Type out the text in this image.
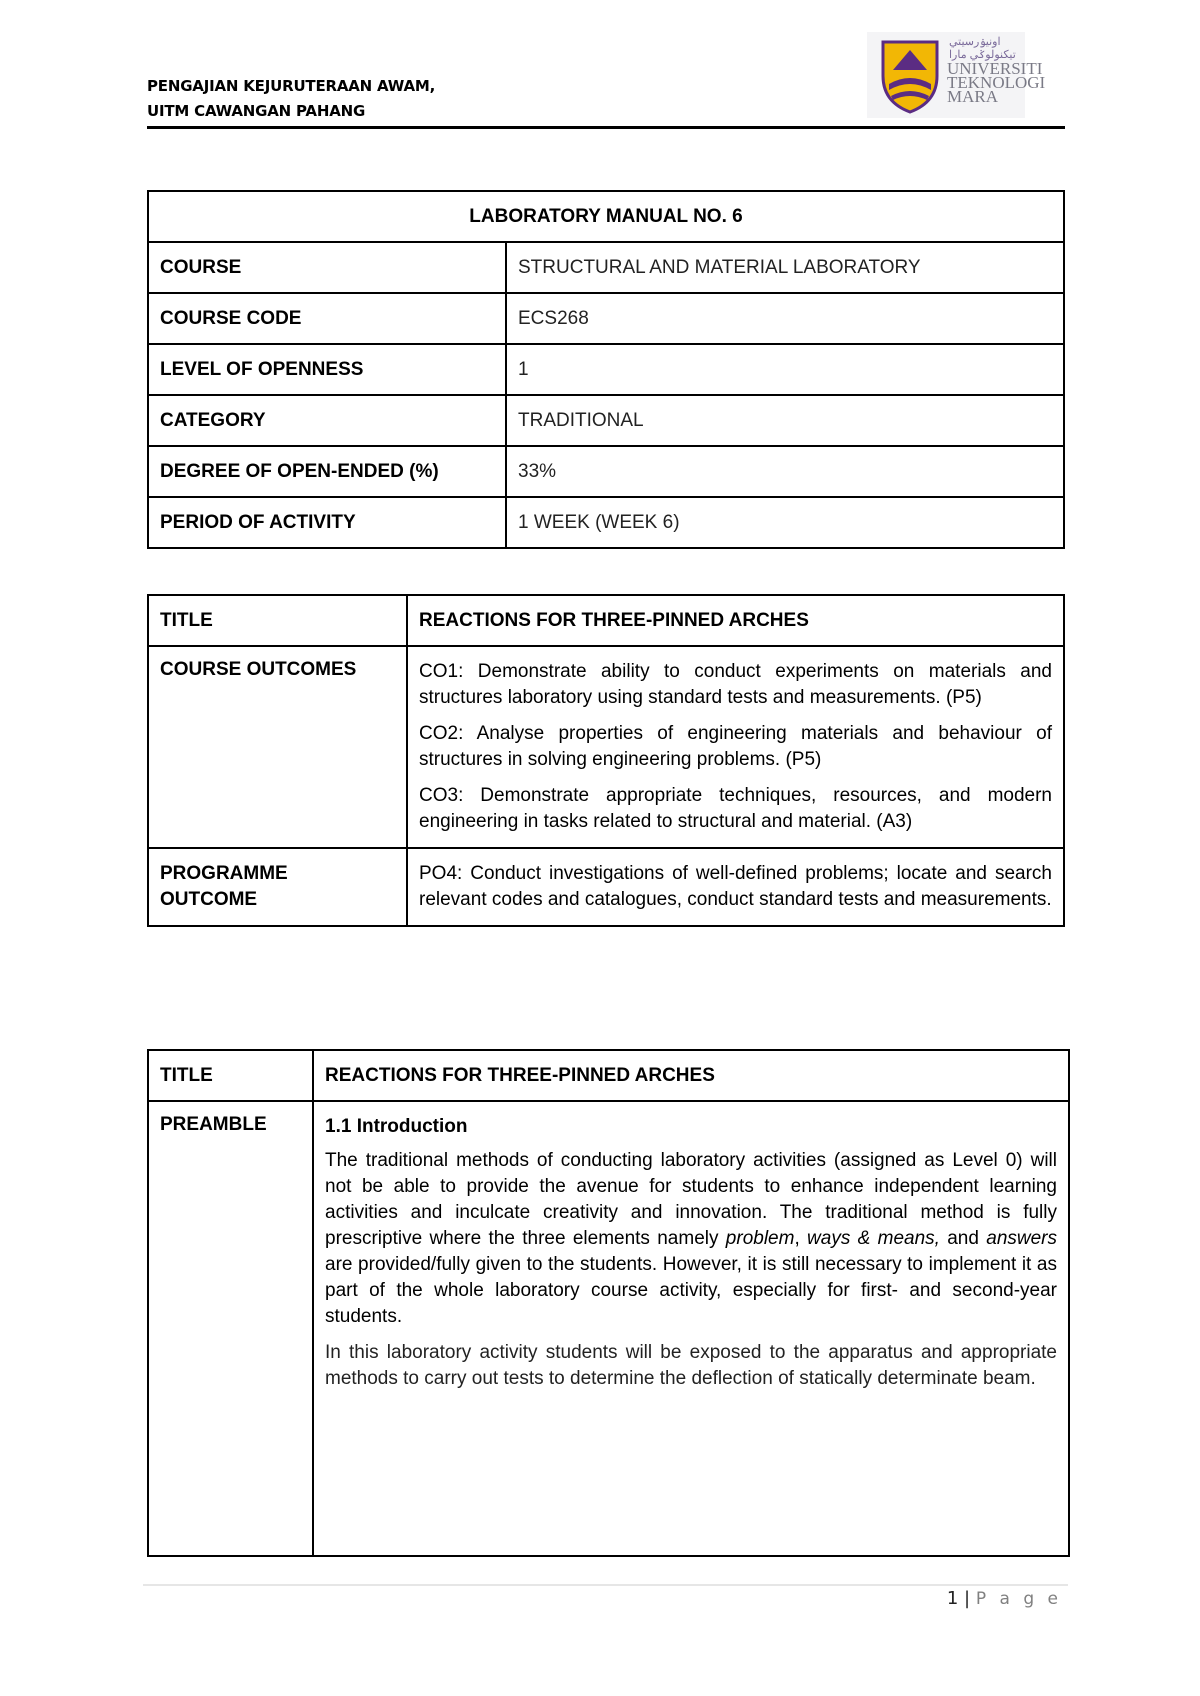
PENGAJIAN KEJURUTERAAN AWAM,
UITM CAWANGAN PAHANG
اونيۏرسيتي تيكنولوݢي مارا
UNIVERSITI
TEKNOLOGI
MARA
LABORATORY MANUAL NO. 6	
COURSE	STRUCTURAL AND MATERIAL LABORATORY
COURSE CODE	ECS268
LEVEL OF OPENNESS	1
CATEGORY	TRADITIONAL
DEGREE OF OPEN-ENDED (%)	33%
PERIOD OF ACTIVITY	1 WEEK (WEEK 6)
TITLE	REACTIONS FOR THREE-PINNED ARCHES
COURSE OUTCOMES	CO1: Demonstrate ability to conduct experiments on materials and structures laboratory using standard tests and measurements. (P5)

CO2: Analyse properties of engineering materials and behaviour of structures in solving engineering problems. (P5)

CO3: Demonstrate appropriate techniques, resources, and modern engineering in tasks related to structural and material. (A3)

PROGRAMME
OUTCOME	PO4: Conduct investigations of well-defined problems; locate and search relevant codes and catalogues, conduct standard tests and measurements.

TITLE	REACTIONS FOR THREE-PINNED ARCHES
PREAMBLE	1.1 Introduction

The traditional methods of conducting laboratory activities (assigned as Level 0) will not be able to provide the avenue for students to enhance independent learning activities and inculcate creativity and innovation. The traditional method is fully prescriptive where the three elements namely problem, ways & means, and answers are provided/fully given to the students. However, it is still necessary to implement it as part of the whole laboratory course activity, especially for first- and second-year students.

In this laboratory activity students will be exposed to the apparatus and appropriate methods to carry out tests to determine the deflection of statically determinate beam.

1 | P a g e
